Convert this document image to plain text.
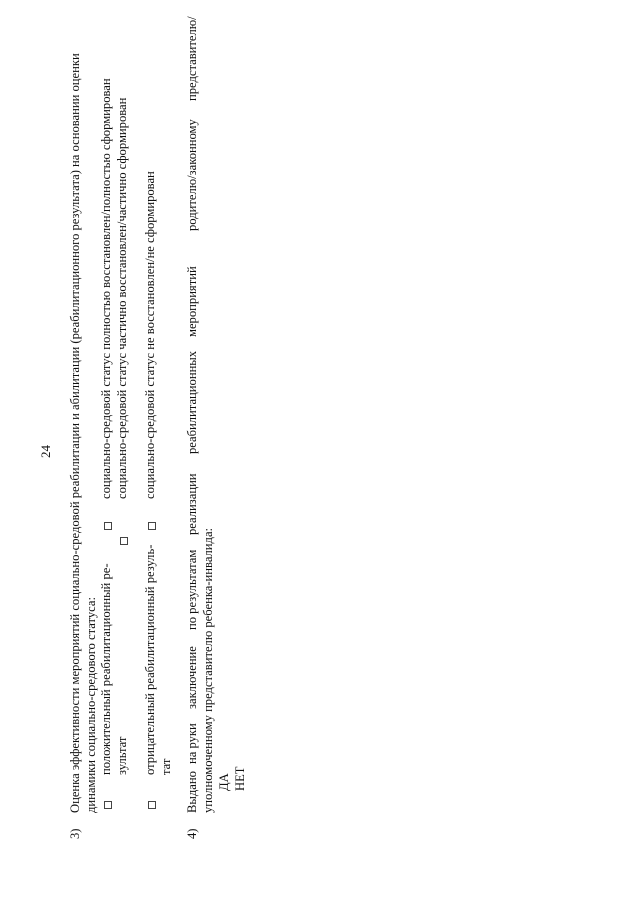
24
3)
Оценка эффективности мероприятий социально-средовой реабилитации и абилитации (реабилитационного результата) на основании оценки динамики социально-средового статуса: положительный реабилитационный ре- зультат
социально-средовой статус полностью восстановлен/полностью сформирован социально-средовой статус частично восстановлен/частично сформирован
отрицательный реабилитационный резуль- тат
социально-средовой статус не восстановлен/не сформирован
4)
Выдано
на руки
заключение
по результатам
реализации
реабилитационных
мероприятий
родителю/законному
представителю/
уполномоченному представителю ребенка-инвалида: ДА НЕТ
